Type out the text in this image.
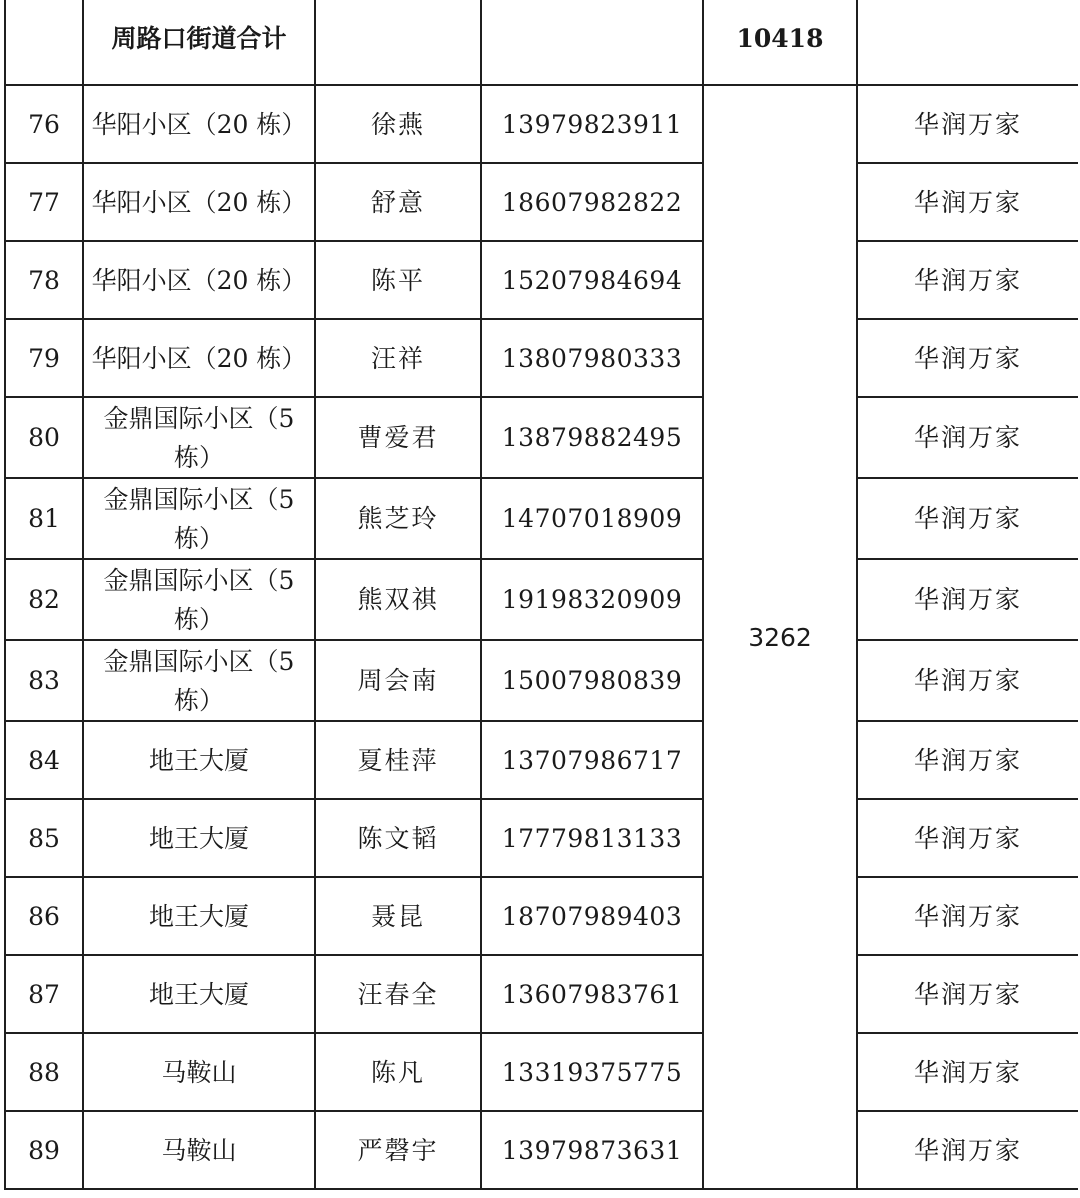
	周路口街道合计			10418	
76	华阳小区（20 栋）	徐燕	13979823911	3262	华润万家
77	华阳小区（20 栋）	舒意	18607982822		华润万家
78	华阳小区（20 栋）	陈平	15207984694		华润万家
79	华阳小区（20 栋）	汪祥	13807980333		华润万家
80	金鼎国际小区（5 栋）	曹爱君	13879882495		华润万家
81	金鼎国际小区（5 栋）	熊芝玲	14707018909		华润万家
82	金鼎国际小区（5 栋）	熊双祺	19198320909		华润万家
83	金鼎国际小区（5 栋）	周会南	15007980839		华润万家
84	地王大厦	夏桂萍	13707986717		华润万家
85	地王大厦	陈文韬	17779813133		华润万家
86	地王大厦	聂昆	18707989403		华润万家
87	地王大厦	汪春全	13607983761		华润万家
88	马鞍山	陈凡	13319375775		华润万家
89	马鞍山	严磬宇	13979873631		华润万家
